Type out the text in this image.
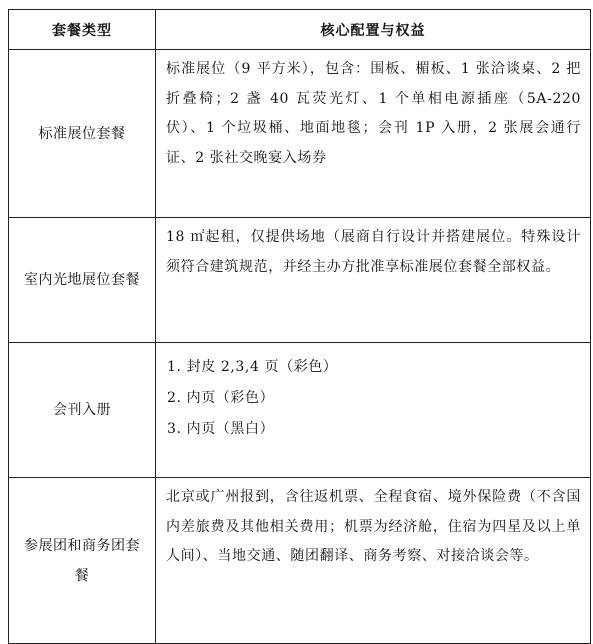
套餐类型	核心配置与权益
标准展位套餐	标准展位（9 平方米），包含：围板、楣板、1 张洽谈桌、2 把折叠椅；2 盏 40 瓦荧光灯、1 个单相电源插座（5A-220 伏）、1 个垃圾桶、地面地毯；会刊 1P 入册，2 张展会通行证、2 张社交晚宴入场券
室内光地展位套餐	18 ㎡起租，仅提供场地（展商自行设计并搭建展位。特殊设计须符合建筑规范，并经主办方批准享标准展位套餐全部权益。
会刊入册	1. 封皮 2,3,4 页（彩色）
2. 内页（彩色）
3. 内页（黑白）

参展团和商务团套餐	北京或广州报到，含往返机票、全程食宿、境外保险费（不含国内差旅费及其他相关费用；机票为经济舱，住宿为四星及以上单人间）、当地交通、随团翻译、商务考察、对接洽谈会等。
